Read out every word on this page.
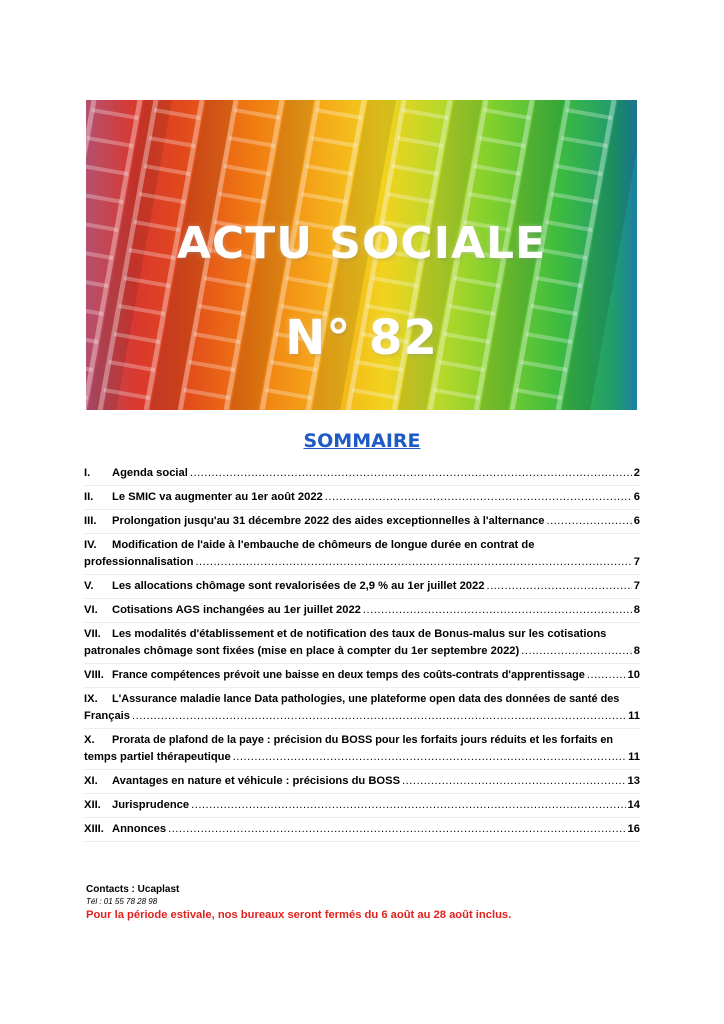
ACTU SOCIALE
N° 82
SOMMAIRE
I.	Agenda social .....	2
II.	Le SMIC va augmenter au 1er août 2022 .....	6
III.	Prolongation jusqu'au 31 décembre 2022 des aides exceptionnelles à l'alternance .....	6
IV. Modification de l'aide à l'embauche de chômeurs de longue durée en contrat de
professionnalisation .....	7
V.	Les allocations chômage sont revalorisées de 2,9 % au 1er juillet 2022 .....	7
VI.	Cotisations AGS inchangées au 1er juillet 2022 .....	8
VII. Les modalités d'établissement et de notification des taux de Bonus-malus sur les cotisations
patronales chômage sont fixées (mise en place à compter du 1er septembre 2022) .....	8
VIII. France compétences prévoit une baisse en deux temps des coûts-contrats d'apprentissage .....	10
IX. L'Assurance maladie lance Data pathologies, une plateforme open data des données de santé des
Français .....	11
X. Prorata de plafond de la paye : précision du BOSS pour les forfaits jours réduits et les forfaits en
temps partiel thérapeutique .....	11
XI.	Avantages en nature et véhicule : précisions du BOSS .....	13
XII.	Jurisprudence .....	14
XIII. Annonces .....	16
Contacts : Ucaplast
Tél : 01 55 78 28 98
Pour la période estivale, nos bureaux seront fermés du 6 août au 28 août inclus.
